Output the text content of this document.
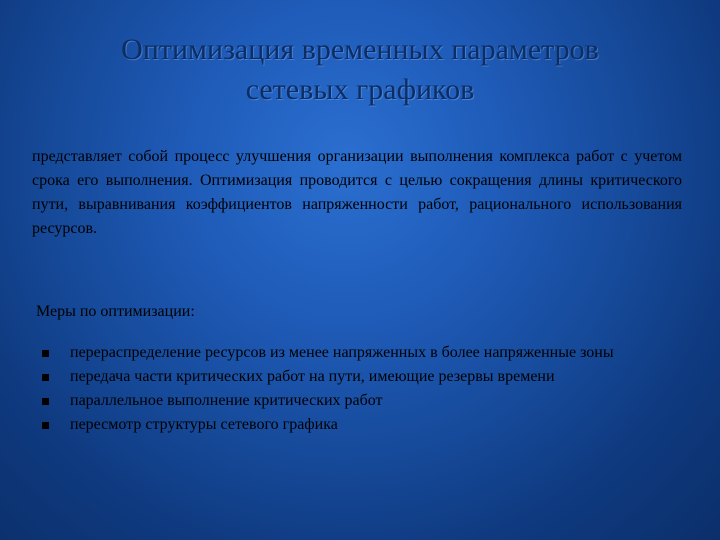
Оптимизация временных параметров
сетевых графиков
представляет собой процесс улучшения организации выполнения комплекса работ с учетом срока его выполнения. Оптимизация проводится с целью сокращения длины критического пути, выравнивания коэффициентов напряженности работ, рационального использования ресурсов.
Меры по оптимизации:
перераспределение ресурсов из менее напряженных в более напряженные зоны
передача части критических работ на пути, имеющие резервы времени
параллельное выполнение критических работ
пересмотр структуры сетевого графика
